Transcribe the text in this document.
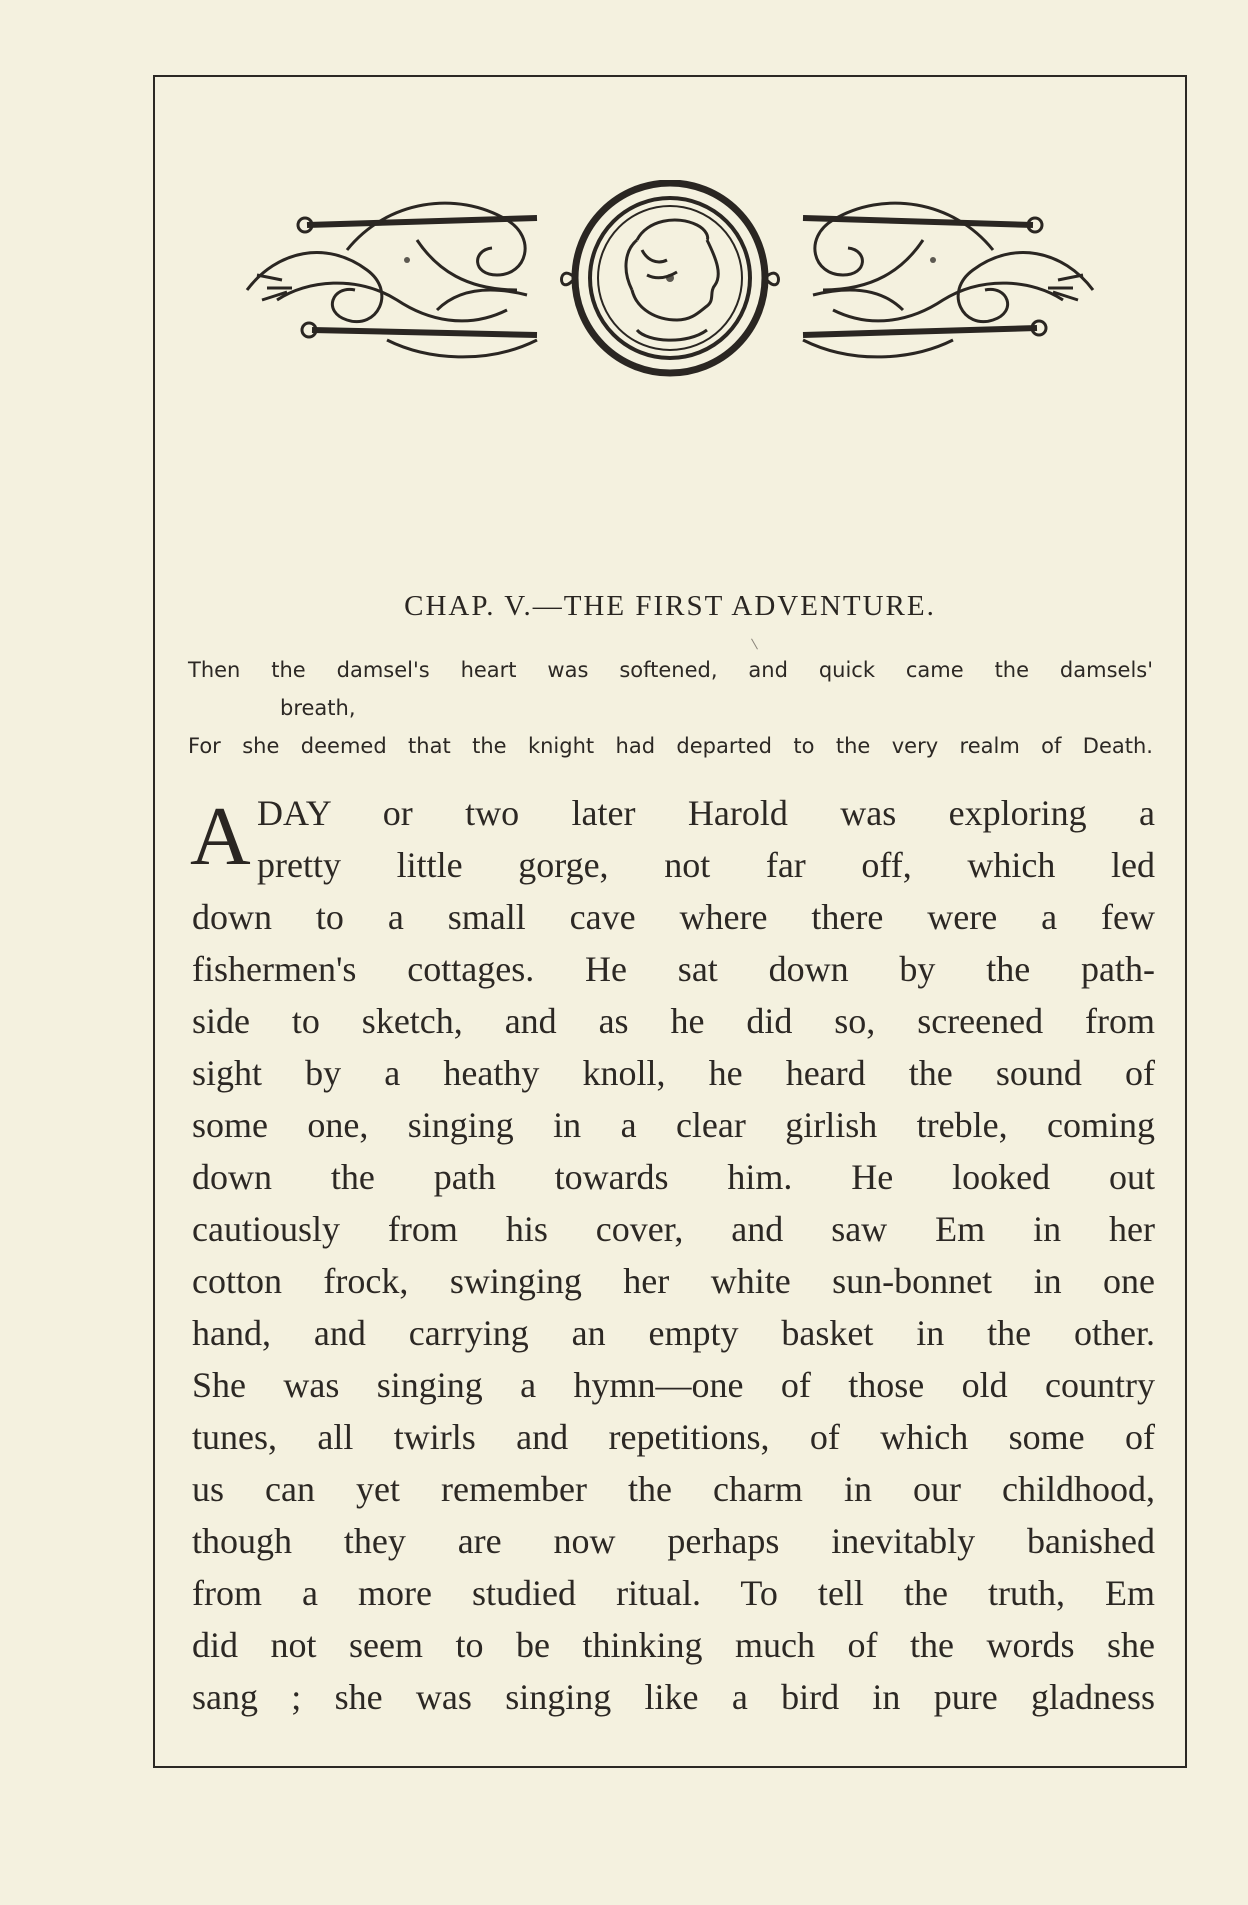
CHAP. V.—THE FIRST ADVENTURE.
Then the damsel's heart was softened, and quick came the damsels'
breath,
For she deemed that the knight had departed to the very realm of Death.
A DAY or two later Harold was exploring a
pretty little gorge, not far off, which led
down to a small cave where there were a few
fishermen's cottages. He sat down by the path-
side to sketch, and as he did so, screened from
sight by a heathy knoll, he heard the sound of
some one, singing in a clear girlish treble, coming
down the path towards him. He looked out
cautiously from his cover, and saw Em in her
cotton frock, swinging her white sun-bonnet in one
hand, and carrying an empty basket in the other.
She was singing a hymn—one of those old country
tunes, all twirls and repetitions, of which some of
us can yet remember the charm in our childhood,
though they are now perhaps inevitably banished
from a more studied ritual. To tell the truth, Em
did not seem to be thinking much of the words she
sang ; she was singing like a bird in pure gladness
